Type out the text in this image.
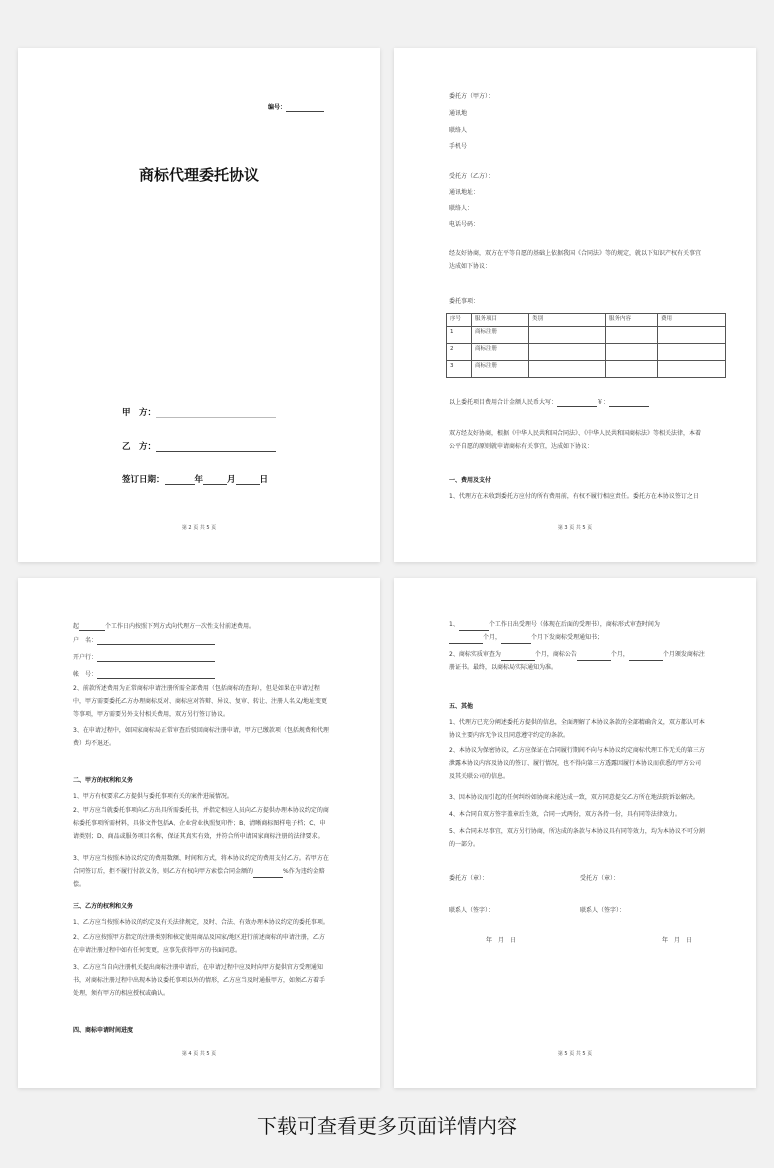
编号：
商标代理委托协议
甲　方：
乙　方：
签订日期：	年	月	日
第 2 页 共 5 页
委托方（甲方）：
通讯地
联络人
手机号
受托方（乙方）：
通讯地址：
联络人：
电话号码：
经友好协商，双方在平等自愿的基础上依据我国《合同法》等的规定，就以下知识产权有关事宜达成如下协议：
委托事项：
序号	服务项目	类别	服务内容	费用
1	商标注册			
2	商标注册			
3	商标注册			
以上委托项目费用合计金额人民币大写：	￥：
双方经友好协商，根据《中华人民共和国合同法》、《中华人民共和国商标法》等相关法律，本着公平自愿的原则就申请商标有关事宜，达成如下协议：
一、费用及支付
1、代理方在未收到委托方应付的所有费用前，有权不履行相应责任。委托方在本协议签订之日
第 3 页 共 5 页
起	个工作日内按照下列方式向代理方一次性支付前述费用。
户　名：
开户行：
帐　号：
2、前款所述费用为正常商标申请注册所需全部费用（包括商标的查询），但是如果在申请过程中，甲方需要委托乙方办理商标反对、商标应对答辩、异议、复审、转让、注册人名义/地址变更等事项，甲方需要另外支付相关费用，双方另行签订协议。
3、在申请过程中，如国家商标局正常审查后驳回商标注册申请，甲方已缴款项（包括规费和代理费）均不退还。
二、甲方的权利和义务
1、甲方有权要求乙方提供与委托事项有关的案件进展情况。
2、甲方应当就委托事项向乙方出具所需委托书，并指定相应人员向乙方提供办理本协议约定的商标委托事项所需材料，具体文件包括A、企业营业执照复印件；B、清晰商标图样电子档；C、申请类别；D、商品或服务项目名称，保证其真实有效，并符合所申请国家商标注册的法律要求。
3、甲方应当按照本协议约定的费用数额、时间和方式，将本协议约定的费用支付乙方。若甲方在合同签订后，拒不履行付款义务，则乙方有权向甲方索偿合同金额的	%作为违约金赔偿。
三、乙方的权利和义务
1、乙方应当按照本协议的约定及有关法律规定，及时、合法、有效办理本协议约定的委托事项。
2、乙方应按照甲方指定的注册类别和核定使用商品及国家/地区进行前述商标的申请注册，乙方在申请注册过程中如有任何变更，应事先获得甲方的书面同意。
3、乙方应当自向注册机关提出商标注册申请后，在申请过程中应及时向甲方提供官方受理通知书，对商标注册过程中出现本协议委托事项以外的情形，乙方应当及时通报甲方，如须乙方着手处理，须有甲方的相应授权或确认。
四、商标申请时间进度
第 4 页 共 5 页
1、	个工作日出受理号（体现在后面的受理书），商标形式审查时间为
个月，	个月下发商标受理通知书；
2、商标实质审查为	个月，商标公告	个月，	个月颁发商标注册证书。最终，以商标局实际通知为准。
五、其他
1、代理方已充分阐述委托方提供的信息，全面理解了本协议条款的全部精确含义，双方都认可本协议主要内容无争议且同意遵守约定的条款。
2、本协议为保密协议，乙方应保证在合同履行期间不向与本协议约定商标代理工作无关的第三方泄露本协议内容及协议的签订、履行情况，也不得向第三方透露因履行本协议而获悉的甲方公司及其关联公司的信息。
3、因本协议而引起的任何纠纷如协商未能达成一致，双方同意提交乙方所在地法院诉讼解决。
4、本合同自双方签字盖章后生效，合同一式两份，双方各持一份，具有同等法律效力。
5、本合同未尽事宜，双方另行协商，所达成的条款与本协议具有同等效力，均为本协议不可分割的一部分。
委托方（章）：	受托方（章）：
联系人（签字）：	联系人（签字）：
年　月　日	年　月　日
第 5 页 共 5 页
下载可查看更多页面详情内容
